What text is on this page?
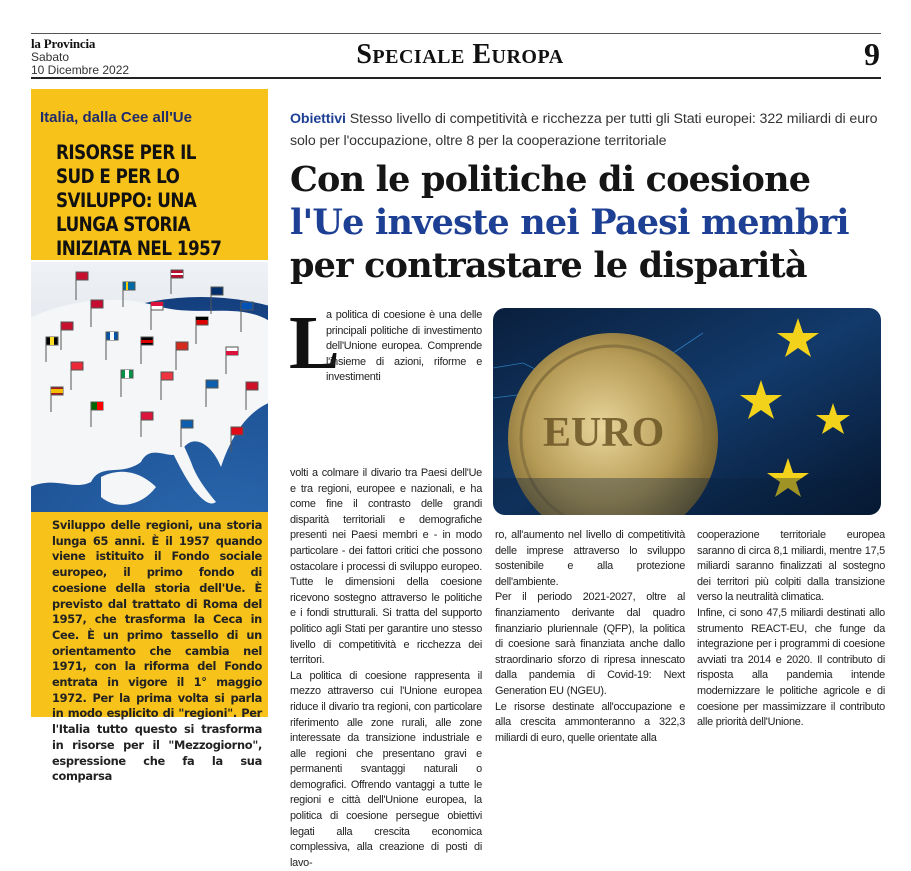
la Provincia
Sabato
10 Dicembre 2022	Speciale Europa	9
Italia, dalla Cee all'Ue
RISORSE PER IL SUD E PER LO SVILUPPO: UNA LUNGA STORIA INIZIATA NEL 1957
Sviluppo delle regioni, una storia lunga 65 anni. È il 1957 quando viene istituito il Fondo sociale europeo, il primo fondo di coesione della storia dell'Ue. È previsto dal trattato di Roma del 1957, che trasforma la Ceca in Cee. È un primo tassello di un orientamento che cambia nel 1971, con la riforma del Fondo entrata in vigore il 1° maggio 1972. Per la prima volta si parla in modo esplicito di "regioni". Per l'Italia tutto questo si trasforma in risorse per il "Mezzogiorno", espressione che fa la sua comparsa
Obiettivi Stesso livello di competitività e ricchezza per tutti gli Stati europei: 322 miliardi di euro solo per l'occupazione, oltre 8 per la cooperazione territoriale
Con le politiche di coesione
l'Ue investe nei Paesi membri
per contrastare le disparità
L
a politica di coesione è una delle principali politiche di investimento dell'Unione europea. Comprende l'insieme di azioni, riforme e investimenti

volti a colmare il divario tra Paesi dell'Ue e tra regioni, europee e nazionali, e ha come fine il contrasto delle grandi disparità territoriali e demografiche presenti nei Paesi membri e - in modo particolare - dei fattori critici che possono ostacolare i processi di sviluppo europeo. Tutte le dimensioni della coesione ricevono sostegno attraverso le politiche e i fondi strutturali. Si tratta del supporto politico agli Stati per garantire uno stesso livello di competitività e ricchezza dei territori.

La politica di coesione rappresenta il mezzo attraverso cui l'Unione europea riduce il divario tra regioni, con particolare riferimento alle zone rurali, alle zone interessate da transizione industriale e alle regioni che presentano gravi e permanenti svantaggi naturali o demografici. Offrendo vantaggi a tutte le regioni e città dell'Unione europea, la politica di coesione persegue obiettivi legati alla crescita economica complessiva, alla creazione di posti di lavo-

EURO

ro, all'aumento nel livello di competitività delle imprese attraverso lo sviluppo sostenibile e alla protezione dell'ambiente.

Per il periodo 2021-2027, oltre al finanziamento derivante dal quadro finanziario pluriennale (QFP), la politica di coesione sarà finanziata anche dallo straordinario sforzo di ripresa innescato dalla pandemia di Covid-19: Next Generation EU (NGEU).

Le risorse destinate all'occupazione e alla crescita ammonteranno a 322,3 miliardi di euro, quelle orientate alla

cooperazione territoriale europea saranno di circa 8,1 miliardi, mentre 17,5 miliardi saranno finalizzati al sostegno dei territori più colpiti dalla transizione verso la neutralità climatica.

Infine, ci sono 47,5 miliardi destinati allo strumento REACT-EU, che funge da integrazione per i programmi di coesione avviati tra 2014 e 2020. Il contributo di risposta alla pandemia intende modernizzare le politiche agricole e di coesione per massimizzare il contributo alle priorità dell'Unione.
